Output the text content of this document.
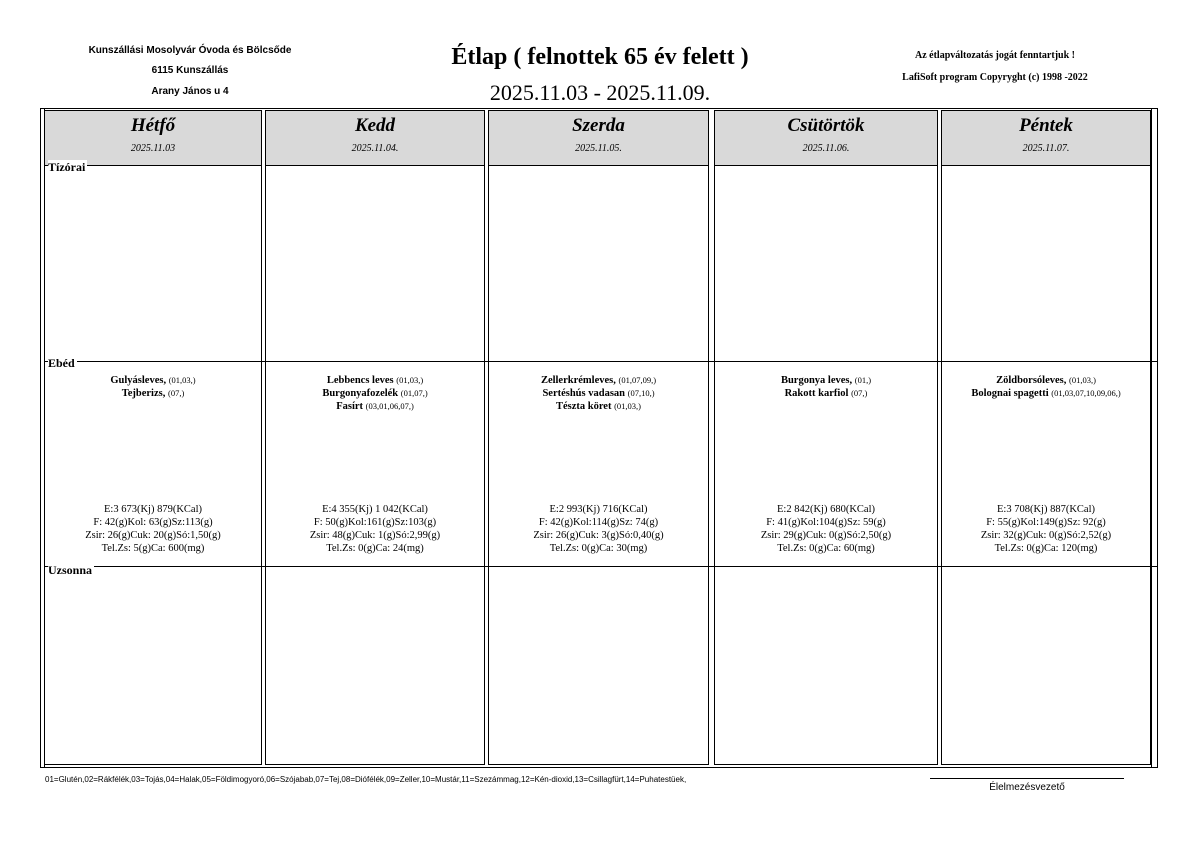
Kunszállási Mosolyvár Óvoda és Bölcsőde
6115 Kunszállás
Arany János u 4
Étlap ( felnottek 65 év felett )
2025.11.03 - 2025.11.09.
Az étlapváltozatás jogát fenntartjuk !
LafiSoft program Copyryght (c) 1998 -2022
Hétfő
2025.11.03
Kedd
2025.11.04.
Szerda
2025.11.05.
Csütörtök
2025.11.06.
Péntek
2025.11.07.
Tízórai
Ebéd
Uzsonna
Gulyásleves, (01,03,)
Tejberizs, (07,)
Lebbencs leves (01,03,)
Burgonyafozelék (01,07,)
Fasírt (03,01,06,07,)
Zellerkrémleves, (01,07,09,)
Sertéshús vadasan (07,10,)
Tészta köret (01,03,)
Burgonya leves, (01,)
Rakott karfiol (07,)
Zöldborsóleves, (01,03,)
Bolognai spagetti (01,03,07,10,09,06,)
E:3 673(Kj) 879(KCal)
F: 42(g)Kol: 63(g)Sz:113(g)
Zsir: 26(g)Cuk: 20(g)Só:1,50(g)
Tel.Zs: 5(g)Ca: 600(mg)
E:4 355(Kj) 1 042(KCal)
F: 50(g)Kol:161(g)Sz:103(g)
Zsir: 48(g)Cuk: 1(g)Só:2,99(g)
Tel.Zs: 0(g)Ca: 24(mg)
E:2 993(Kj) 716(KCal)
F: 42(g)Kol:114(g)Sz: 74(g)
Zsir: 26(g)Cuk: 3(g)Só:0,40(g)
Tel.Zs: 0(g)Ca: 30(mg)
E:2 842(Kj) 680(KCal)
F: 41(g)Kol:104(g)Sz: 59(g)
Zsir: 29(g)Cuk: 0(g)Só:2,50(g)
Tel.Zs: 0(g)Ca: 60(mg)
E:3 708(Kj) 887(KCal)
F: 55(g)Kol:149(g)Sz: 92(g)
Zsir: 32(g)Cuk: 0(g)Só:2,52(g)
Tel.Zs: 0(g)Ca: 120(mg)
01=Glutén,02=Rákfélék,03=Tojás,04=Halak,05=Földimogyoró,06=Szójabab,07=Tej,08=Diófélék,09=Zeller,10=Mustár,11=Szezámmag,12=Kén-dioxid,13=Csillagfürt,14=Puhatestüek,
Élelmezésvezető
